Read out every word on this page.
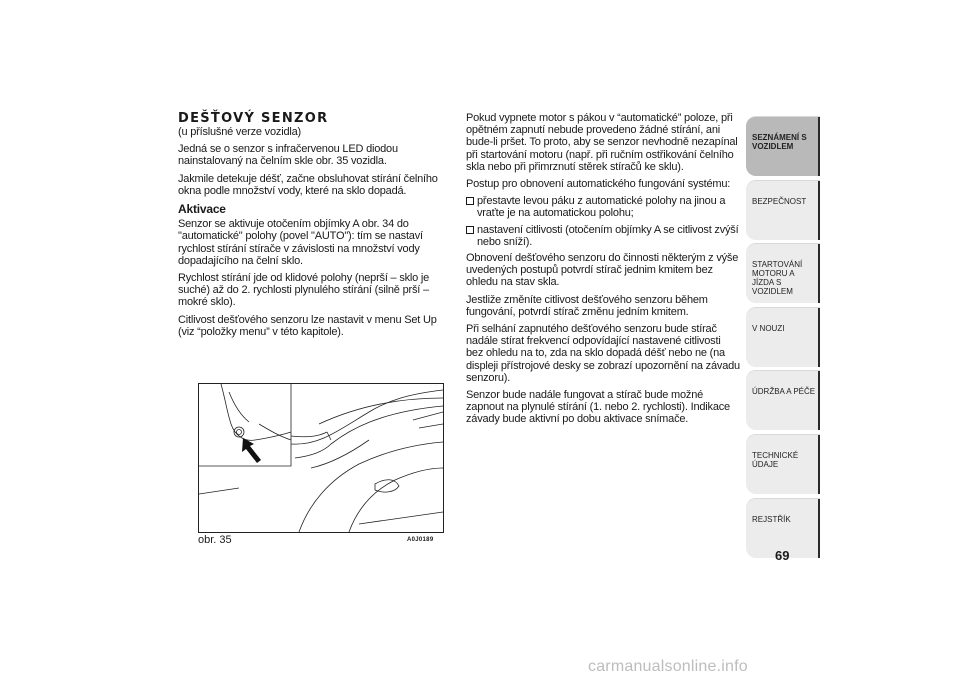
DEŠŤOVÝ SENZOR
(u příslušné verze vozidla)

Jedná se o senzor s infračervenou LED diodou nainstalovaný na čelním skle obr. 35 vozidla.

Jakmile detekuje déšť, začne obsluhovat stírání čelního okna podle množství vody, které na sklo dopadá.

Aktivace

Senzor se aktivuje otočením objímky A obr. 34 do "automatické" polohy (povel "AUTO"): tím se nastaví rychlost stírání stírače v závislosti na množství vody dopadajícího na čelní sklo.

Rychlost stírání jde od klidové polohy (neprší – sklo je suché) až do 2. rychlosti plynulého stírání (silně prší – mokré sklo).

Citlivost dešťového senzoru lze nastavit v menu Set Up (viz “položky menu” v této kapitole).

obr. 35	A0J0189

Pokud vypnete motor s pákou v “automatické” poloze, při opětném zapnutí nebude provedeno žádné stírání, ani bude-li pršet. To proto, aby se senzor nevhodně nezapínal při startování motoru (např. při ručním ostřikování čelního skla nebo při přimrznutí stěrek stíračů ke sklu).

Postup pro obnovení automatického fungování systému:

přestavte levou páku z automatické polohy na jinou a vraťte je na automatickou polohu;
nastavení citlivosti (otočením objímky A se citlivost zvýší nebo sníží).

Obnovení dešťového senzoru do činnosti některým z výše uvedených postupů potvrdí stírač jednim kmitem bez ohledu na stav skla.

Jestliže změníte citlivost dešťového senzoru během fungování, potvrdí stírač změnu jedním kmitem.

Při selhání zapnutého dešťového senzoru bude stírač nadále stírat frekvencí odpovídající nastavené citlivosti bez ohledu na to, zda na sklo dopadá déšť nebo ne (na displeji přístrojové desky se zobrazí upozornění na závadu senzoru).

Senzor bude nadále fungovat a stírač bude možné zapnout na plynulé stírání (1. nebo 2. rychlosti). Indikace závady bude aktivní po dobu aktivace snímače.

SEZNÁMENÍ S VOZIDLEM
BEZPEČNOST
STARTOVÁNÍ MOTORU A JÍZDA S VOZIDLEM
V NOUZI
ÚDRŽBA A PÉČE
TECHNICKÉ ÚDAJE
REJSTŘÍK
69
carmanualsonline.info
